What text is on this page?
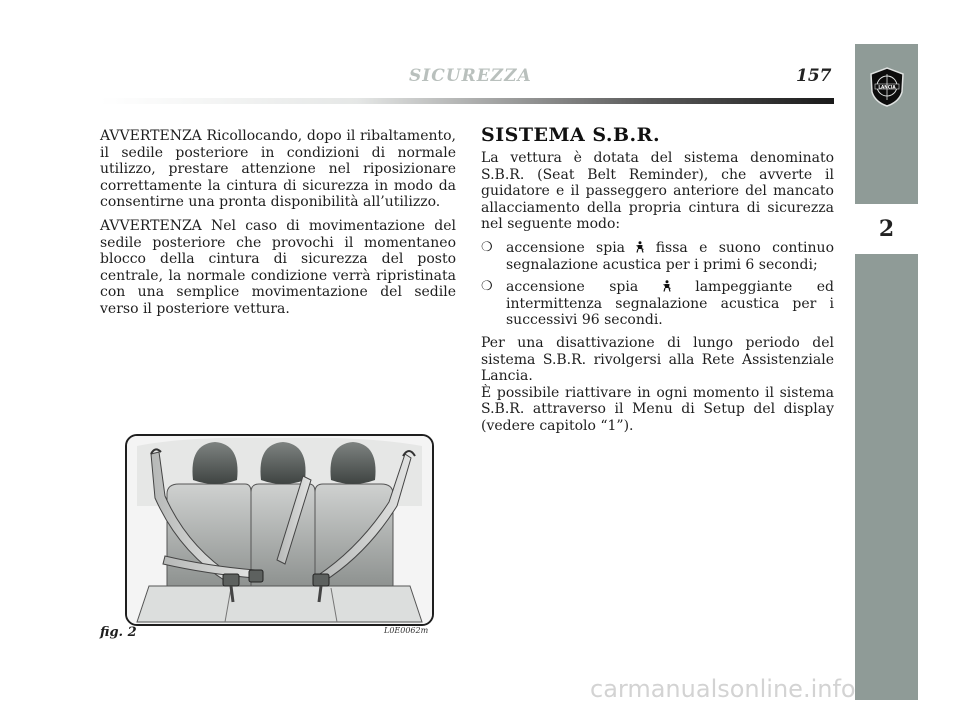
SICUREZZA	157
LANCIA
2

AVVERTENZA Ricollocando, dopo il ribaltamento, il sedile posteriore in condizioni di normale utilizzo, prestare attenzione nel riposizionare correttamente la cintura di sicurezza in modo da consentirne una pronta disponibilità all’utilizzo.

AVVERTENZA Nel caso di movimentazione del sedile posteriore che provochi il momentaneo blocco della cintura di sicurezza del posto centrale, la normale condizione verrà ripristinata con una semplice movimentazione del sedile verso il posteriore vettura.

SISTEMA S.B.R.

La vettura è dotata del sistema denominato S.B.R. (Seat Belt Reminder), che avverte il guidatore e il passeggero anteriore del mancato allacciamento della propria cintura di sicurezza nel seguente modo:

❍ accensione spia fissa e suono continuo segnalazione acustica per i primi 6 secondi;
❍ accensione spia	lampeggiante ed intermittenza segnalazione acustica per i successivi 96 secondi.

Per una disattivazione di lungo periodo del sistema S.B.R. rivolgersi alla Rete Assistenziale Lancia.

È possibile riattivare in ogni momento il sistema S.B.R. attraverso il Menu di Setup del display (vedere capitolo “1”).

fig. 2	L0E0062m
carmanualsonline.info
